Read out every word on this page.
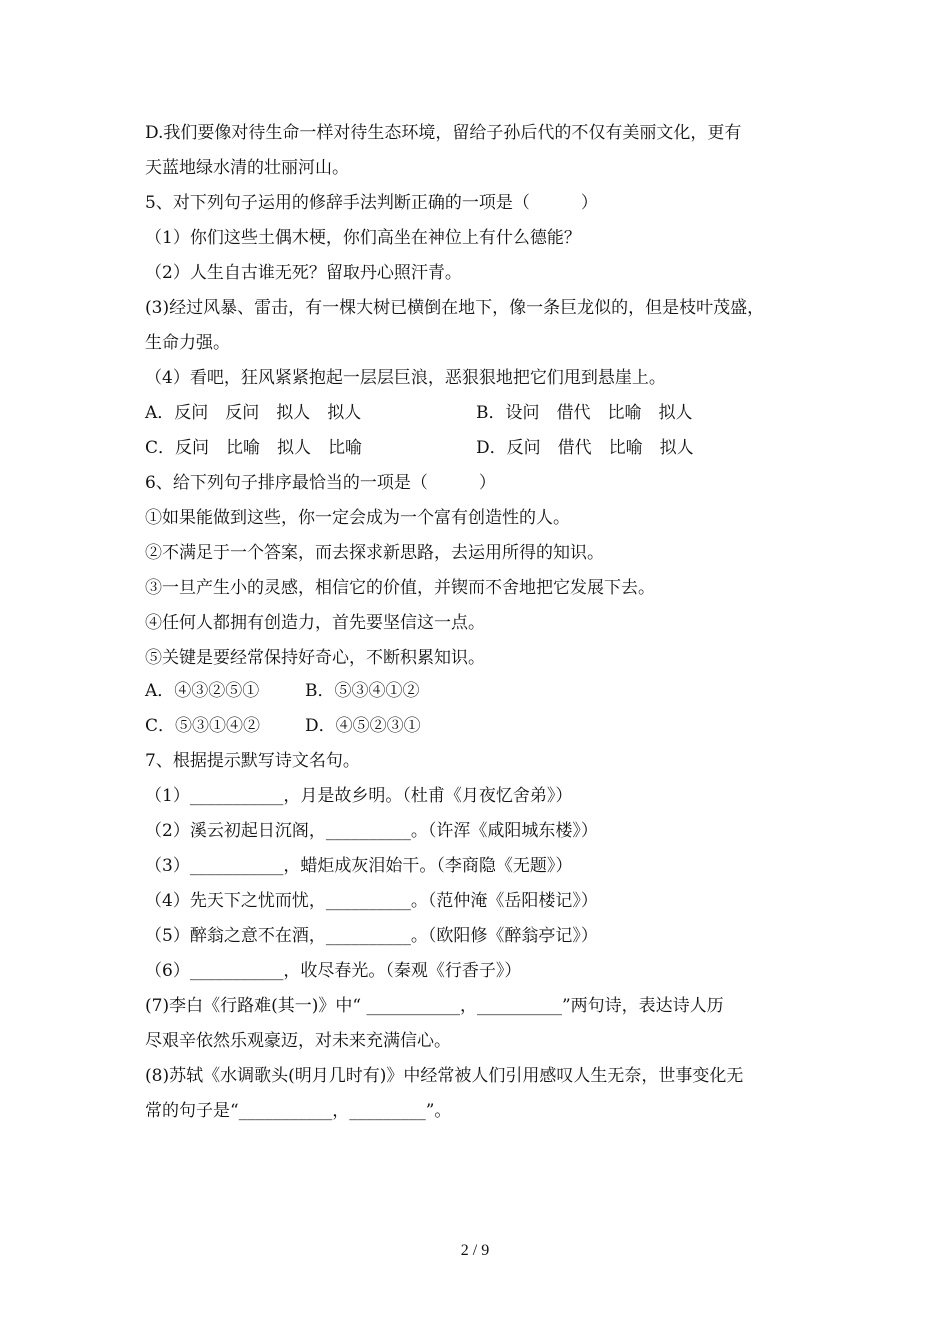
D.我们要像对待生命一样对待生态环境，留给子孙后代的不仅有美丽文化，更有
天蓝地绿水清的壮丽河山。
5、对下列句子运用的修辞手法判断正确的一项是（　　　）
（1）你们这些土偶木梗，你们高坐在神位上有什么德能？
（2）人生自古谁无死？留取丹心照汗青。
(3)经过风暴、雷击，有一棵大树已横倒在地下，像一条巨龙似的，但是枝叶茂盛，
生命力强。
（4）看吧，狂风紧紧抱起一层层巨浪，恶狠狠地把它们甩到悬崖上。
A．反问　反问　拟人　拟人	B．设问　借代　比喻　拟人
C．反问　比喻　拟人　比喻	D．反问　借代　比喻　拟人
6、给下列句子排序最恰当的一项是（　　　）
①如果能做到这些，你一定会成为一个富有创造性的人。
②不满足于一个答案，而去探求新思路，去运用所得的知识。
③一旦产生小的灵感，相信它的价值，并锲而不舍地把它发展下去。
④任何人都拥有创造力，首先要坚信这一点。
⑤关键是要经常保持好奇心，不断积累知识。
A．④③②⑤①	B．⑤③④①②
C．⑤③①④②	D．④⑤②③①
7、根据提示默写诗文名句。
（1）___________，月是故乡明。（杜甫《月夜忆舍弟》）
（2）溪云初起日沉阁，__________。（许浑《咸阳城东楼》）
（3）___________，蜡炬成灰泪始干。（李商隐《无题》）
（4）先天下之忧而忧，__________。（范仲淹《岳阳楼记》）
（5）醉翁之意不在酒，__________。（欧阳修《醉翁亭记》）
（6）___________，收尽春光。（秦观《行香子》）
(7)李白《行路难(其一)》中“ ___________，__________”两句诗，表达诗人历
尽艰辛依然乐观豪迈，对未来充满信心。
(8)苏轼《水调歌头(明月几时有)》中经常被人们引用感叹人生无奈，世事变化无
常的句子是“___________，_________”。
2 / 9
